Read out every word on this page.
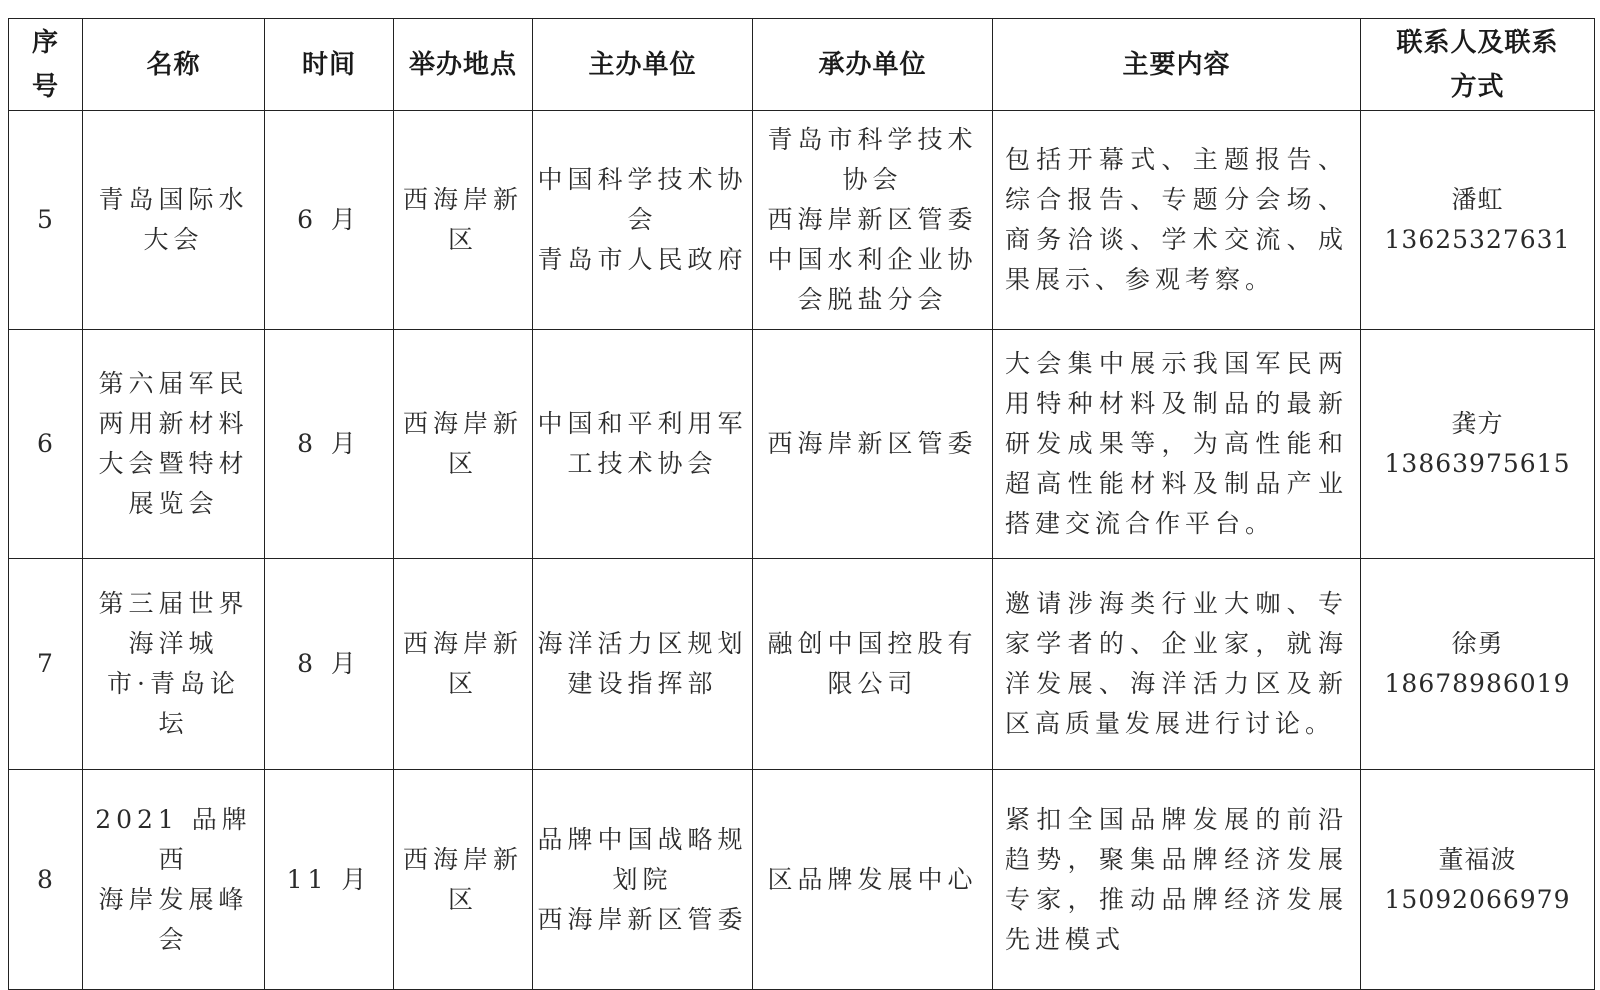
序
号	名称	时间	举办地点	主办单位	承办单位	主要内容	联系人及联系
方式

5	青岛国际水
大会	6 月	西海岸新
区	中国科学技术协
会
青岛市人民政府	青岛市科学技术
协会
西海岸新区管委
中国水利企业协
会脱盐分会	包括开幕式、主题报告、综合报告、专题分会场、商务洽谈、学术交流、成果展示、参观考察。	潘虹
13625327631

6	第六届军民
两用新材料
大会暨特材
展览会	8 月	西海岸新
区	中国和平利用军
工技术协会	西海岸新区管委	大会集中展示我国军民两用特种材料及制品的最新研发成果等，为高性能和超高性能材料及制品产业搭建交流合作平台。	龚方
13863975615

7	第三届世界
海洋城
市·青岛论
坛	8 月	西海岸新
区	海洋活力区规划
建设指挥部	融创中国控股有
限公司	邀请涉海类行业大咖、专家学者的、企业家，就海洋发展、海洋活力区及新区高质量发展进行讨论。	徐勇
18678986019

8	2021 品牌西
海岸发展峰
会	11 月	西海岸新
区	品牌中国战略规
划院
西海岸新区管委	区品牌发展中心	紧扣全国品牌发展的前沿趋势，聚集品牌经济发展专家，推动品牌经济发展先进模式	董福波
15092066979
